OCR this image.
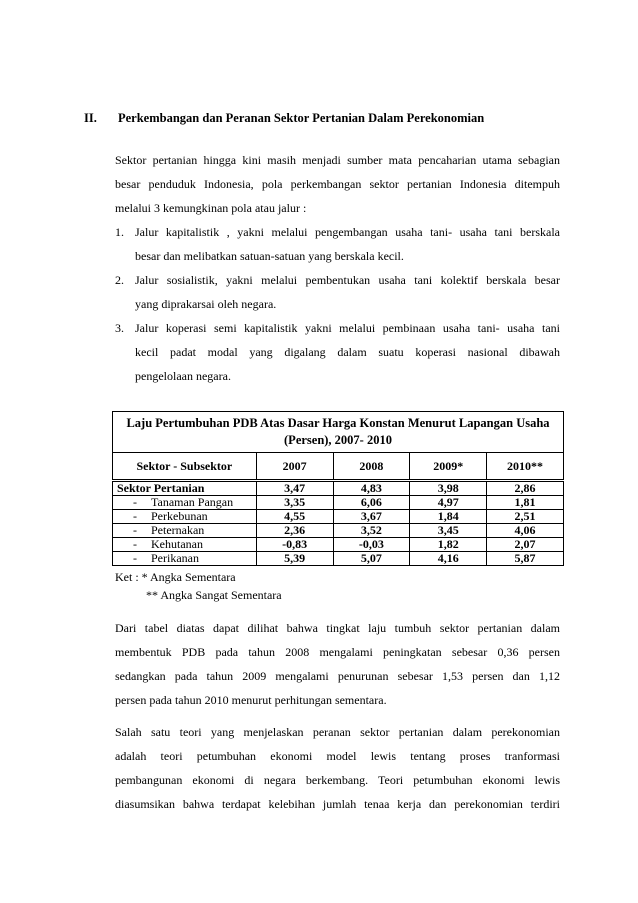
II. Perkembangan dan Peranan Sektor Pertanian Dalam Perekonomian

Sektor pertanian hingga kini masih menjadi sumber mata pencaharian utama sebagian
besar penduduk Indonesia, pola perkembangan sektor pertanian Indonesia ditempuh
melalui 3 kemungkinan pola atau jalur :

1. Jalur kapitalistik , yakni melalui pengembangan usaha tani- usaha tani berskala
besar dan melibatkan satuan-satuan yang berskala kecil.
2. Jalur sosialistik, yakni melalui pembentukan usaha tani kolektif berskala besar
yang diprakarsai oleh negara.
3. Jalur koperasi semi kapitalistik yakni melalui pembinaan usaha tani- usaha tani
kecil padat modal yang digalang dalam suatu koperasi nasional dibawah
pengelolaan negara.
Laju Pertumbuhan PDB Atas Dasar Harga Konstan Menurut Lapangan Usaha
(Persen), 2007- 2010				
Sektor - Subsektor	2007	2008	2009*	2010**
Sektor Pertanian	3,47	4,83	3,98	2,86
- Tanaman Pangan	3,35	6,06	4,97	1,81
- Perkebunan	4,55	3,67	1,84	2,51
- Peternakan	2,36	3,52	3,45	4,06
- Kehutanan	-0,83	-0,03	1,82	2,07
- Perikanan	5,39	5,07	4,16	5,87
Ket : * Angka Sementara
** Angka Sangat Sementara

Dari tabel diatas dapat dilihat bahwa tingkat laju tumbuh sektor pertanian dalam
membentuk PDB pada tahun 2008 mengalami peningkatan sebesar 0,36 persen
sedangkan pada tahun 2009 mengalami penurunan sebesar 1,53 persen dan 1,12
persen pada tahun 2010 menurut perhitungan sementara.

Salah satu teori yang menjelaskan peranan sektor pertanian dalam perekonomian
adalah teori petumbuhan ekonomi model lewis tentang proses tranformasi
pembangunan ekonomi di negara berkembang. Teori petumbuhan ekonomi lewis
diasumsikan bahwa terdapat kelebihan jumlah tenaa kerja dan perekonomian terdiri
